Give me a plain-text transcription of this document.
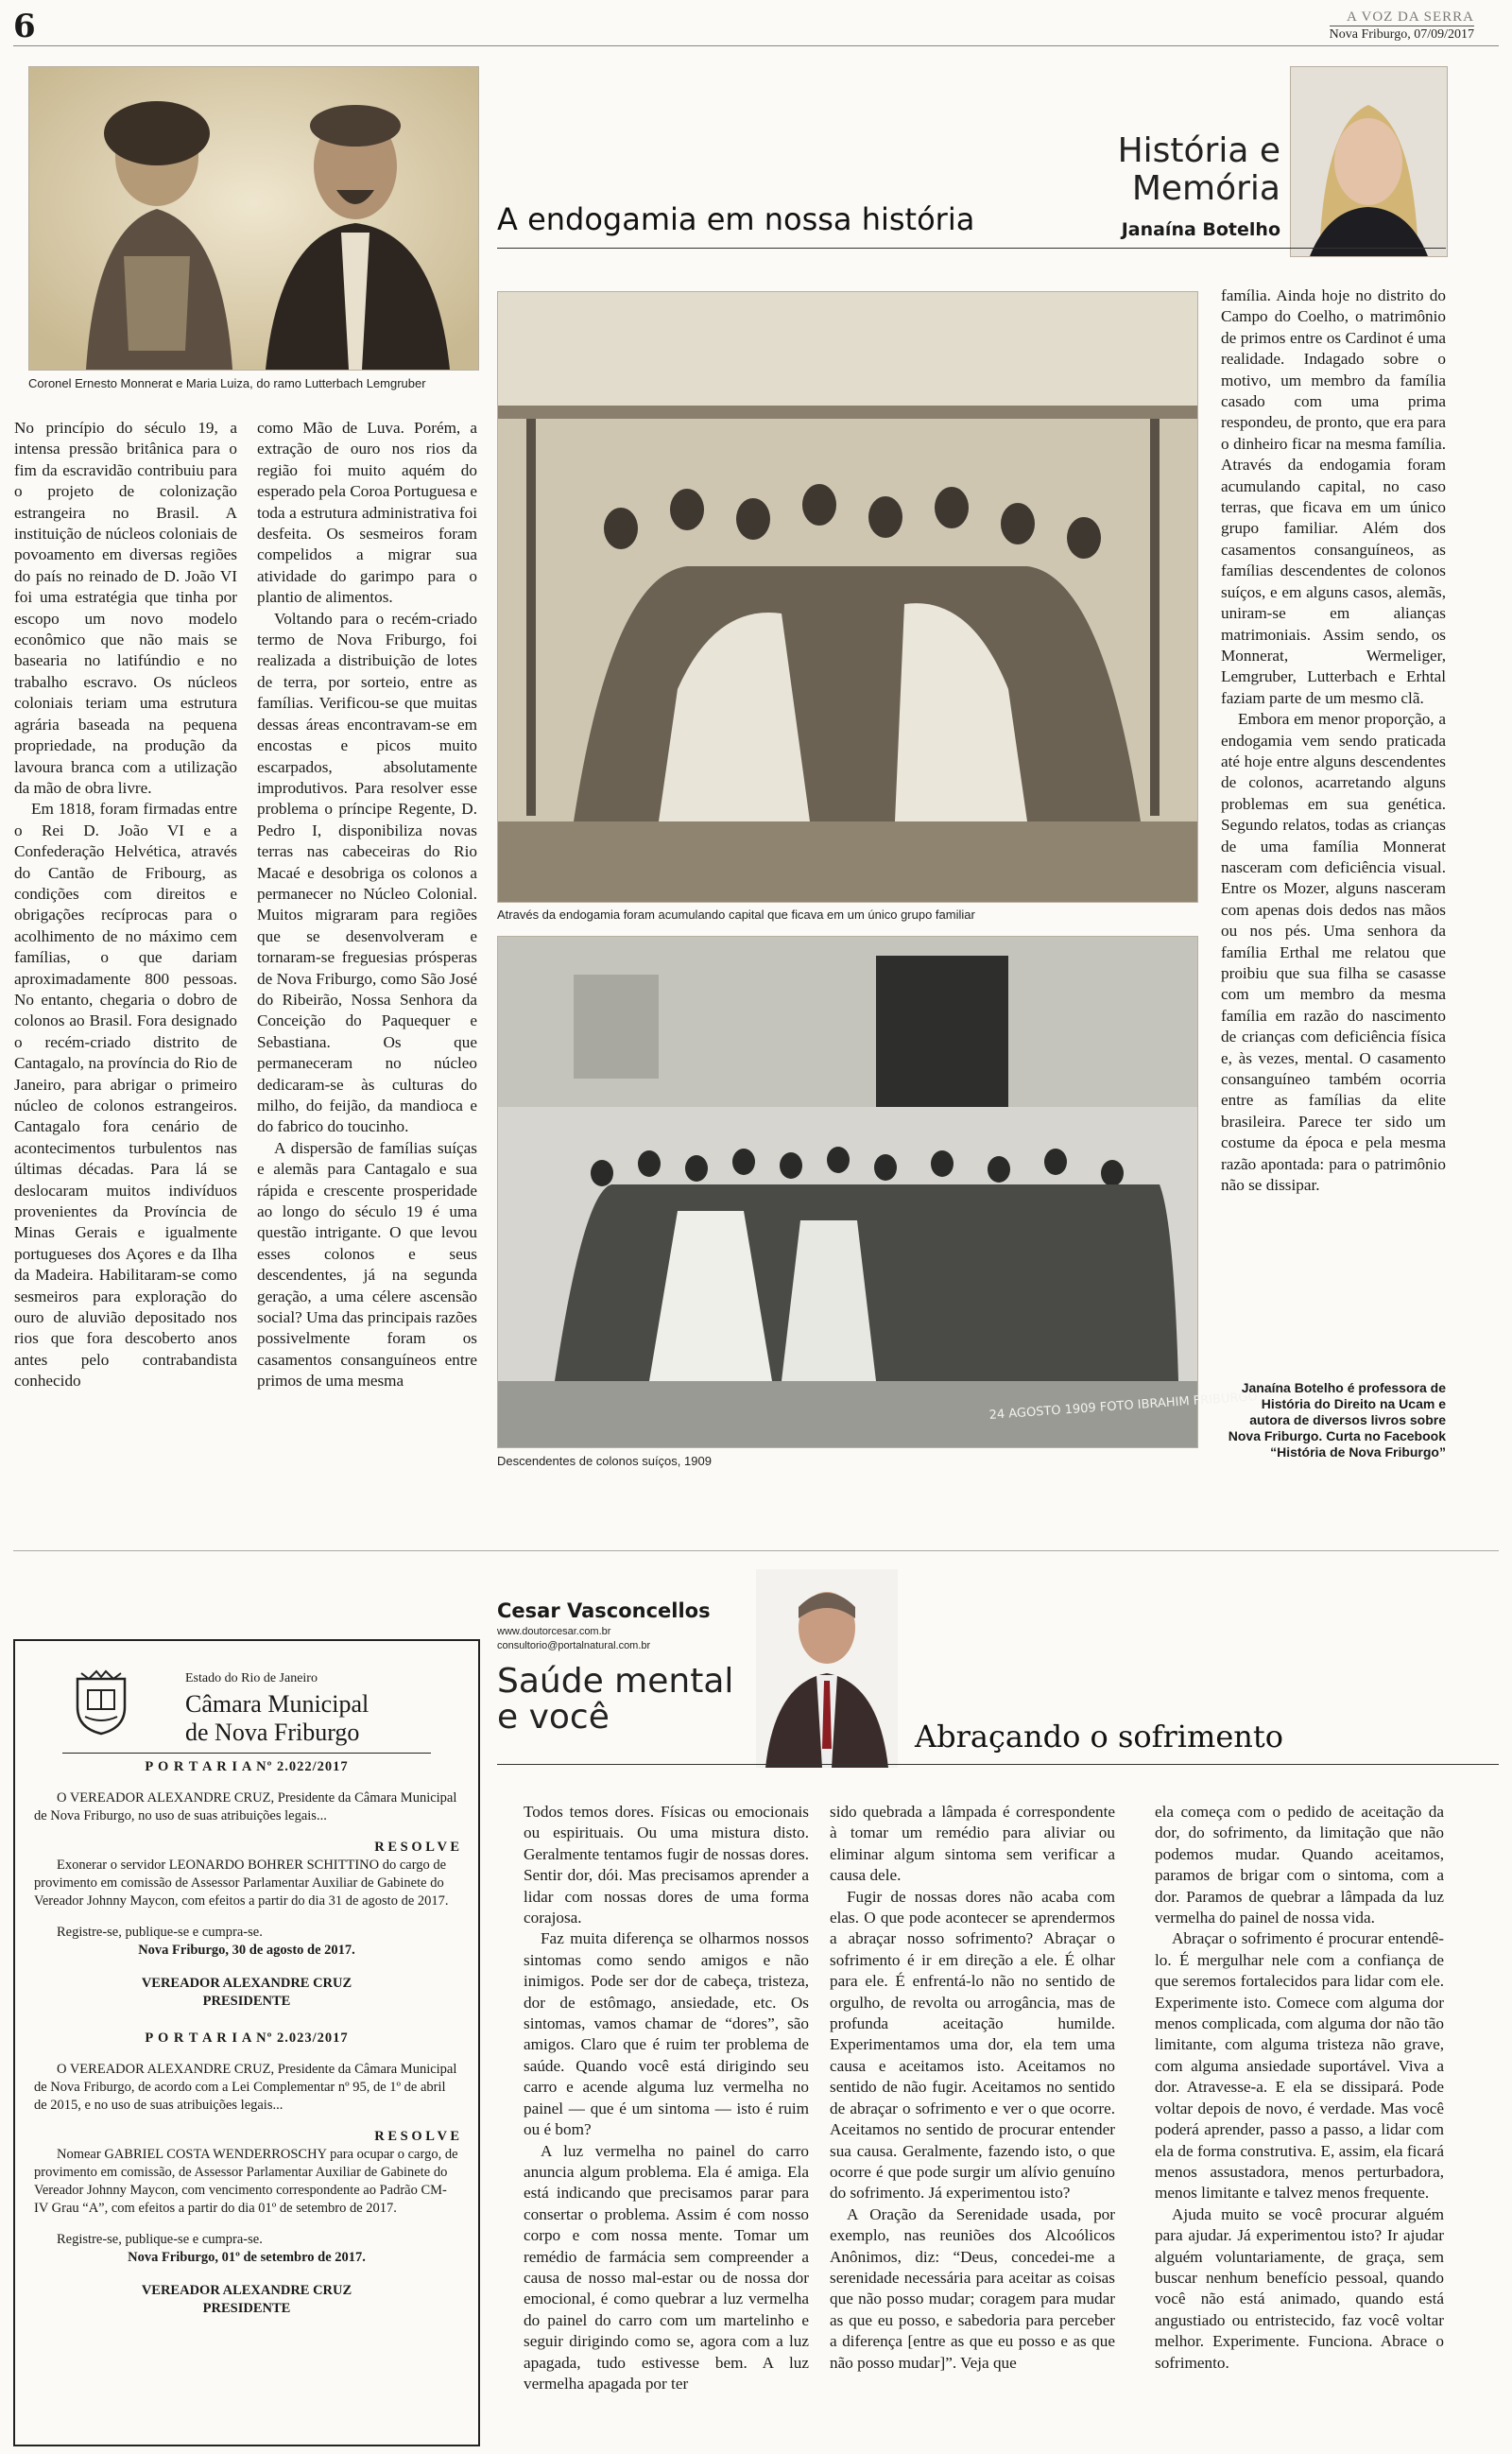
6	A VOZ DA SERRA
Nova Friburgo, 07/09/2017
Coronel Ernesto Monnerat e Maria Luiza, do ramo Lutterbach Lemgruber
A endogamia em nossa história
História e
Memória
Janaína Botelho

No princípio do século 19, a intensa pressão britânica para o fim da escravidão contribuiu para o projeto de colonização estrangeira no Brasil. A instituição de núcleos coloniais de povoamento em diversas regiões do país no reinado de D. João VI foi uma estratégia que tinha por escopo um novo modelo econômico que não mais se basearia no latifúndio e no trabalho escravo. Os núcleos coloniais teriam uma estrutura agrária baseada na pequena propriedade, na produção da lavoura branca com a utilização da mão de obra livre.

Em 1818, foram firmadas entre o Rei D. João VI e a Confederação Helvética, através do Cantão de Fribourg, as condições com direitos e obrigações recíprocas para o acolhimento de no máximo cem famílias, o que dariam aproximadamente 800 pessoas. No entanto, chegaria o dobro de colonos ao Brasil. Fora designado o recém-criado distrito de Cantagalo, na província do Rio de Janeiro, para abrigar o primeiro núcleo de colonos estrangeiros. Cantagalo fora cenário de acontecimentos turbulentos nas últimas décadas. Para lá se deslocaram muitos indivíduos provenientes da Província de Minas Gerais e igualmente portugueses dos Açores e da Ilha da Madeira. Habilitaram-se como sesmeiros para exploração do ouro de aluvião depositado nos rios que fora descoberto anos antes pelo contrabandista conhecido

como Mão de Luva. Porém, a extração de ouro nos rios da região foi muito aquém do esperado pela Coroa Portuguesa e toda a estrutura administrativa foi desfeita. Os sesmeiros foram compelidos a migrar sua atividade do garimpo para o plantio de alimentos.

Voltando para o recém-criado termo de Nova Friburgo, foi realizada a distribuição de lotes de terra, por sorteio, entre as famílias. Verificou-se que muitas dessas áreas encontravam-se em encostas e picos muito escarpados, absolutamente improdutivos. Para resolver esse problema o príncipe Regente, D. Pedro I, disponibiliza novas terras nas cabeceiras do Rio Macaé e desobriga os colonos a permanecer no Núcleo Colonial. Muitos migraram para regiões que se desenvolveram e tornaram-se freguesias prósperas de Nova Friburgo, como São José do Ribeirão, Nossa Senhora da Conceição do Paquequer e Sebastiana. Os que permaneceram no núcleo dedicaram-se às culturas do milho, do feijão, da mandioca e do fabrico do toucinho.

A dispersão de famílias suíças e alemãs para Cantagalo e sua rápida e crescente prosperidade ao longo do século 19 é uma questão intrigante. O que levou esses colonos e seus descendentes, já na segunda geração, a uma célere ascensão social? Uma das principais razões possivelmente foram os casamentos consanguíneos entre primos de uma mesma

Através da endogamia foram acumulando capital que ficava em um único grupo familiar
24 AGOSTO 1909 FOTO IBRAHIM FRIBURGO
Descendentes de colonos suíços, 1909

família. Ainda hoje no distrito do Campo do Coelho, o matrimônio de primos entre os Cardinot é uma realidade. Indagado sobre o motivo, um membro da família casado com uma prima respondeu, de pronto, que era para o dinheiro ficar na mesma família. Através da endogamia foram acumulando capital, no caso terras, que ficava em um único grupo familiar. Além dos casamentos consanguíneos, as famílias descendentes de colonos suíços, e em alguns casos, alemãs, uniram-se em alianças matrimoniais. Assim sendo, os Monnerat, Wermeliger, Lemgruber, Lutterbach e Erhtal faziam parte de um mesmo clã.

Embora em menor proporção, a endogamia vem sendo praticada até hoje entre alguns descendentes de colonos, acarretando alguns problemas em sua genética. Segundo relatos, todas as crianças de uma família Monnerat nasceram com deficiência visual. Entre os Mozer, alguns nasceram com apenas dois dedos nas mãos ou nos pés. Uma senhora da família Erthal me relatou que proibiu que sua filha se casasse com um membro da mesma família em razão do nascimento de crianças com deficiência física e, às vezes, mental. O casamento consanguíneo também ocorria entre as famílias da elite brasileira. Parece ter sido um costume da época e pela mesma razão apontada: para o patrimônio não se dissipar.

Janaína Botelho é professora de História do Direito na Ucam e autora de diversos livros sobre Nova Friburgo. Curta no Facebook “História de Nova Friburgo”
Estado do Rio de Janeiro
Câmara Municipal
de Nova Friburgo

P O R T A R I A Nº 2.022/2017

O VEREADOR ALEXANDRE CRUZ, Presidente da Câmara Municipal de Nova Friburgo, no uso de suas atribuições legais...

R E S O L V E

Exonerar o servidor LEONARDO BOHRER SCHITTINO do cargo de provimento em comissão de Assessor Parlamentar Auxiliar de Gabinete do Vereador Johnny Maycon, com efeitos a partir do dia 31 de agosto de 2017.

Registre-se, publique-se e cumpra-se.

Nova Friburgo, 30 de agosto de 2017.

VEREADOR ALEXANDRE CRUZ

PRESIDENTE

P O R T A R I A Nº 2.023/2017

O VEREADOR ALEXANDRE CRUZ, Presidente da Câmara Municipal de Nova Friburgo, de acordo com a Lei Complementar nº 95, de 1º de abril de 2015, e no uso de suas atribuições legais...

R E S O L V E

Nomear GABRIEL COSTA WENDERROSCHY para ocupar o cargo, de provimento em comissão, de Assessor Parlamentar Auxiliar de Gabinete do Vereador Johnny Maycon, com vencimento correspondente ao Padrão CM-IV Grau “A”, com efeitos a partir do dia 01º de setembro de 2017.

Registre-se, publique-se e cumpra-se.

Nova Friburgo, 01º de setembro de 2017.

VEREADOR ALEXANDRE CRUZ

PRESIDENTE

Cesar Vasconcellos
www.doutorcesar.com.br
consultorio@portalnatural.com.br
Saúde mental
e você	Abraçando o sofrimento

Todos temos dores. Físicas ou emocionais ou espirituais. Ou uma mistura disto. Geralmente tentamos fugir de nossas dores. Sentir dor, dói. Mas precisamos aprender a lidar com nossas dores de uma forma corajosa.

Faz muita diferença se olharmos nossos sintomas como sendo amigos e não inimigos. Pode ser dor de cabeça, tristeza, dor de estômago, ansiedade, etc. Os sintomas, vamos chamar de “dores”, são amigos. Claro que é ruim ter problema de saúde. Quando você está dirigindo seu carro e acende alguma luz vermelha no painel — que é um sintoma — isto é ruim ou é bom?

A luz vermelha no painel do carro anuncia algum problema. Ela é amiga. Ela está indicando que precisamos parar para consertar o problema. Assim é com nosso corpo e com nossa mente. Tomar um remédio de farmácia sem compreender a causa de nosso mal-estar ou de nossa dor emocional, é como quebrar a luz vermelha do painel do carro com um martelinho e seguir dirigindo como se, agora com a luz apagada, tudo estivesse bem. A luz vermelha apagada por ter

sido quebrada a lâmpada é correspondente à tomar um remédio para aliviar ou eliminar algum sintoma sem verificar a causa dele.

Fugir de nossas dores não acaba com elas. O que pode acontecer se aprendermos a abraçar nosso sofrimento? Abraçar o sofrimento é ir em direção a ele. É olhar para ele. É enfrentá-lo não no sentido de orgulho, de revolta ou arrogância, mas de profunda aceitação humilde. Experimentamos uma dor, ela tem uma causa e aceitamos isto. Aceitamos no sentido de não fugir. Aceitamos no sentido de abraçar o sofrimento e ver o que ocorre. Aceitamos no sentido de procurar entender sua causa. Geralmente, fazendo isto, o que ocorre é que pode surgir um alívio genuíno do sofrimento. Já experimentou isto?

A Oração da Serenidade usada, por exemplo, nas reuniões dos Alcoólicos Anônimos, diz: “Deus, concedei-me a serenidade necessária para aceitar as coisas que não posso mudar; coragem para mudar as que eu posso, e sabedoria para perceber a diferença [entre as que eu posso e as que não posso mudar]”. Veja que

ela começa com o pedido de aceitação da dor, do sofrimento, da limitação que não podemos mudar. Quando aceitamos, paramos de brigar com o sintoma, com a dor. Paramos de quebrar a lâmpada da luz vermelha do painel de nossa vida.

Abraçar o sofrimento é procurar entendê-lo. É mergulhar nele com a confiança de que seremos fortalecidos para lidar com ele. Experimente isto. Comece com alguma dor menos complicada, com alguma dor não tão limitante, com alguma tristeza não grave, com alguma ansiedade suportável. Viva a dor. Atravesse-a. E ela se dissipará. Pode voltar depois de novo, é verdade. Mas você poderá aprender, passo a passo, a lidar com ela de forma construtiva. E, assim, ela ficará menos assustadora, menos perturbadora, menos limitante e talvez menos frequente.

Ajuda muito se você procurar alguém para ajudar. Já experimentou isto? Ir ajudar alguém voluntariamente, de graça, sem buscar nenhum benefício pessoal, quando você não está animado, quando está angustiado ou entristecido, faz você voltar melhor. Experimente. Funciona. Abrace o sofrimento.
